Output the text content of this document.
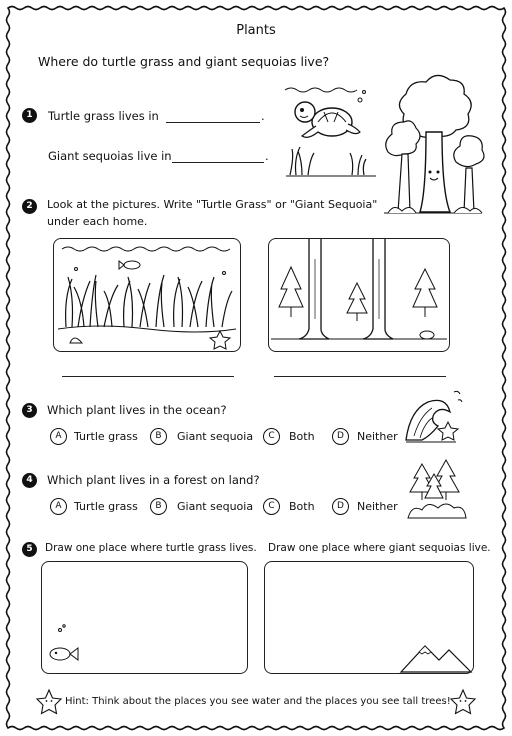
Plants
Where do turtle grass and giant sequoias live?
1	Turtle grass lives in	.
Giant sequoias live in	.
2	Look at the pictures. Write "Turtle Grass" or "Giant Sequoia"
under each home.
3	Which plant lives in the ocean?
A	Turtle grass	B	Giant sequoia	C	Both	D	Neither
4	Which plant lives in a forest on land?
A	Turtle grass	B	Giant sequoia	C	Both	D	Neither
5	Draw one place where turtle grass lives. Draw one place where giant sequoias live.
Hint: Think about the places you see water and the places you see tall trees!
